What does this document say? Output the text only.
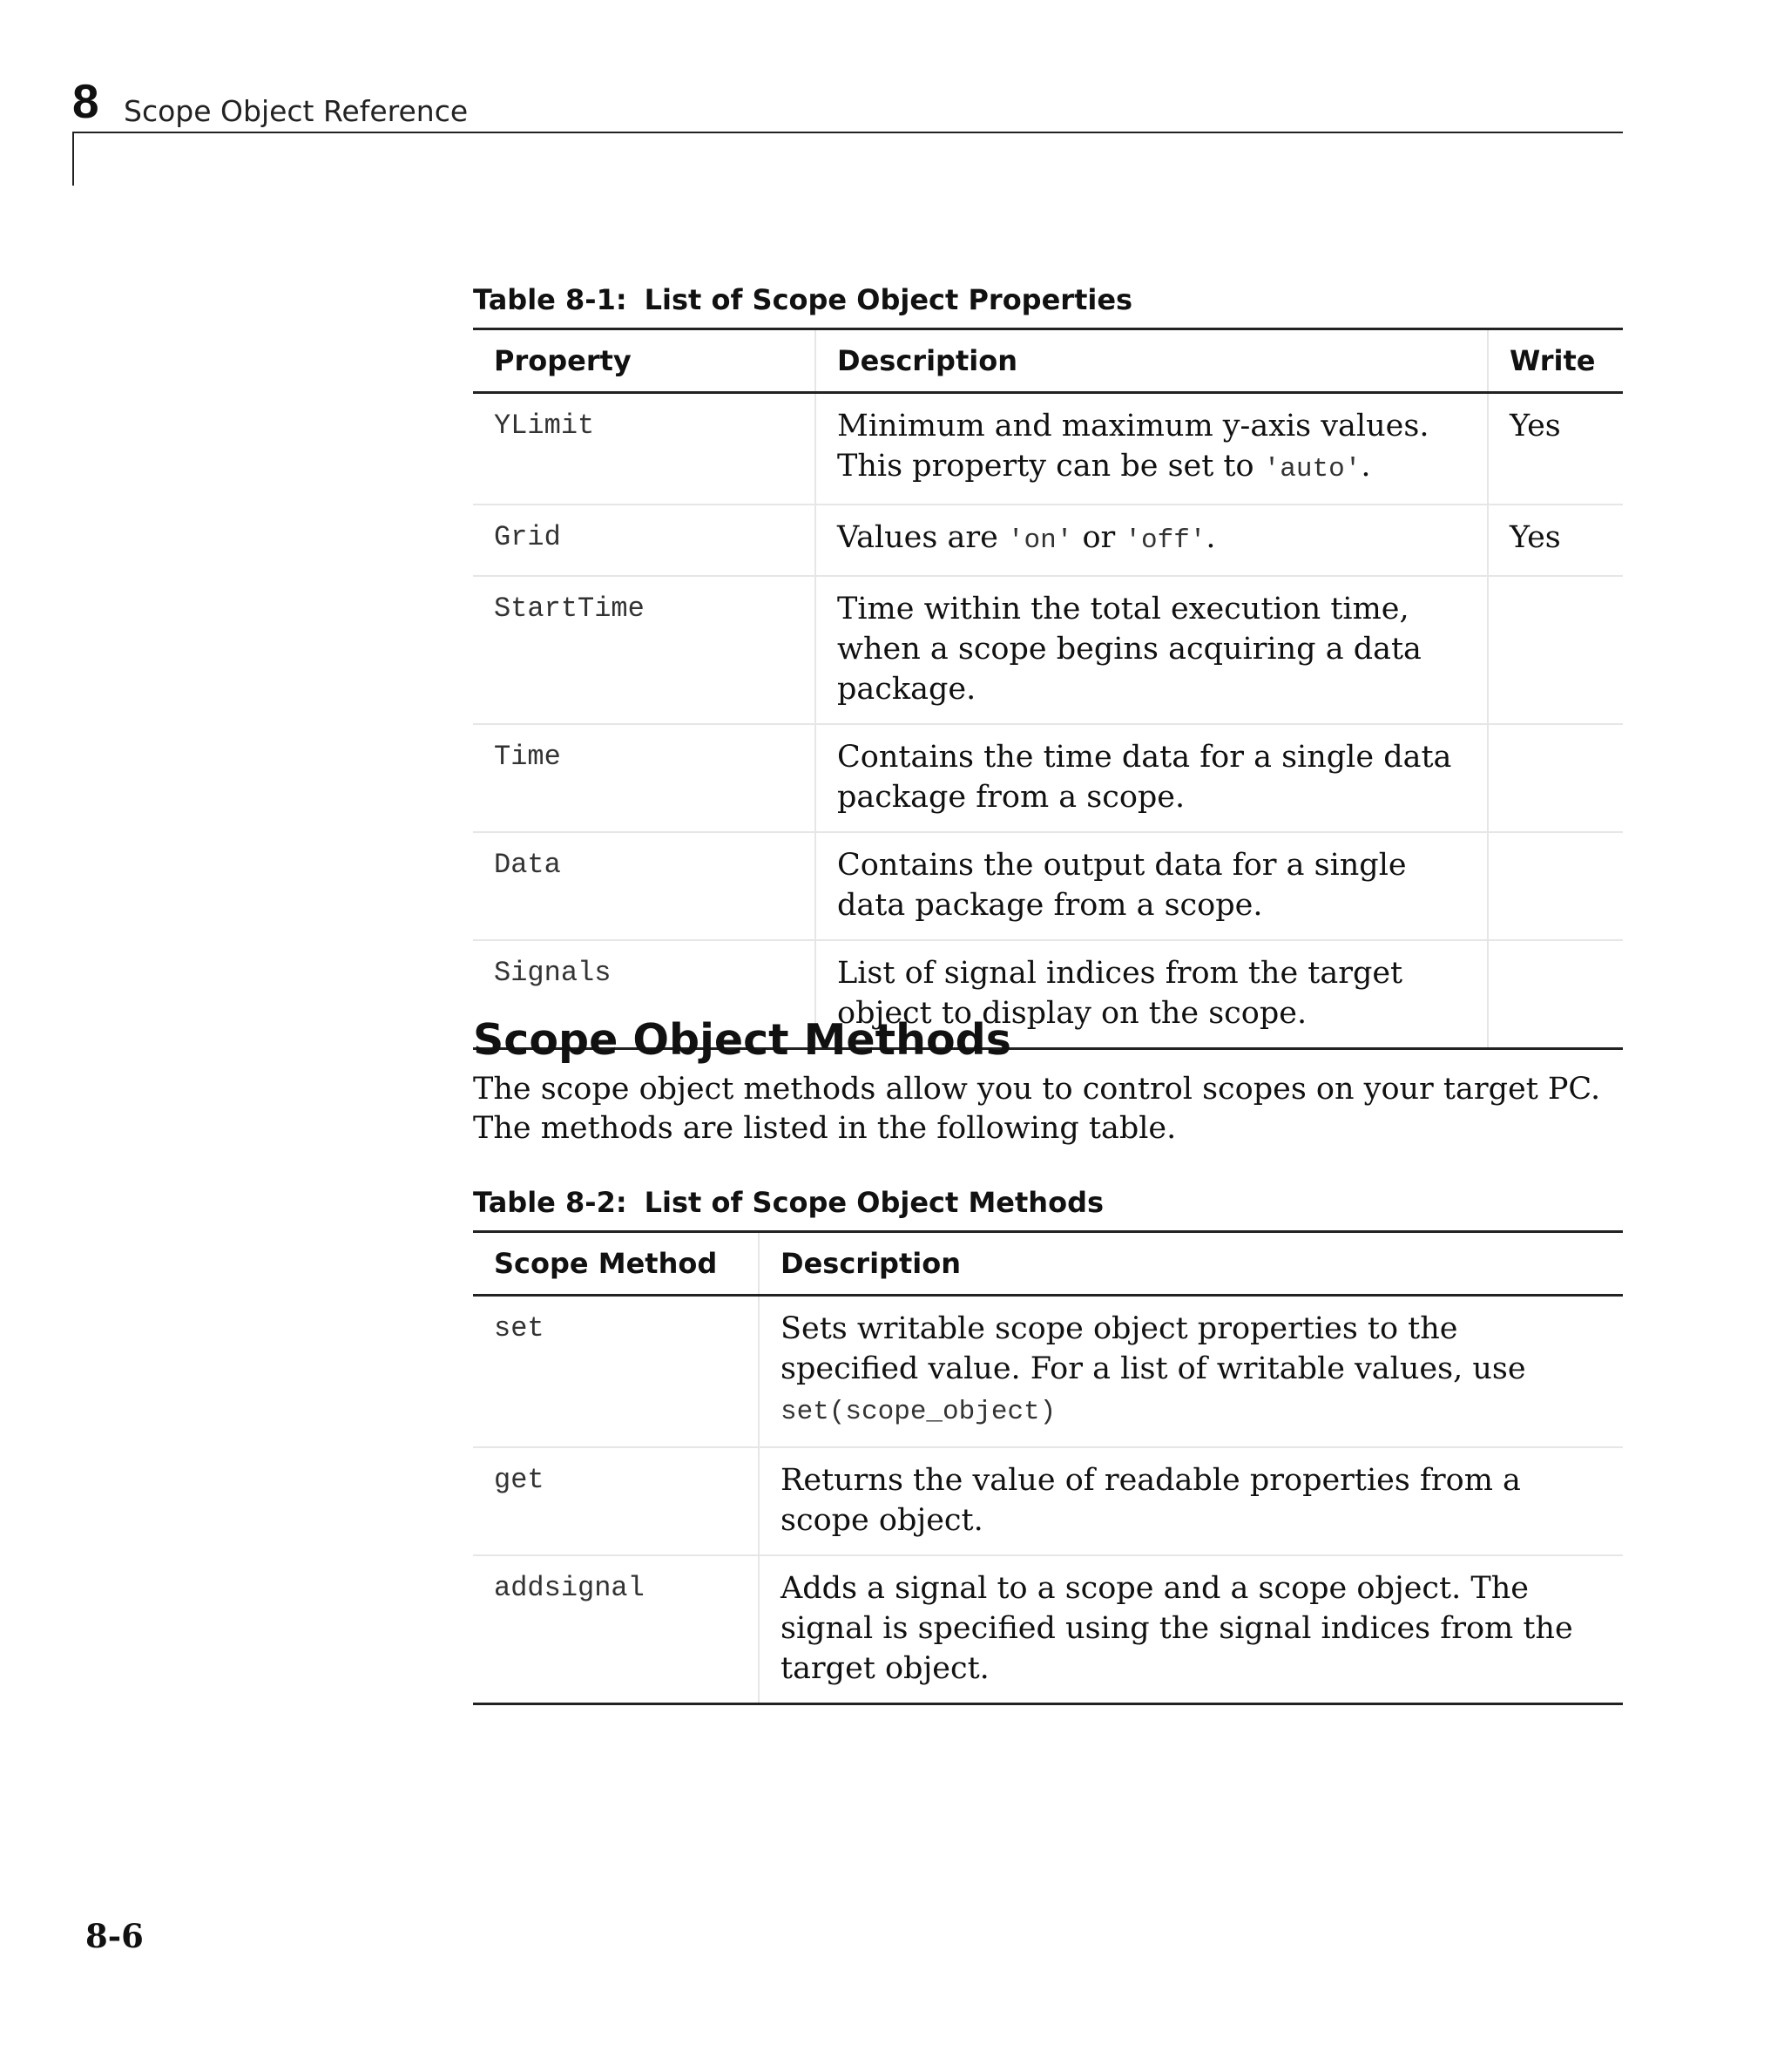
8 Scope Object Reference
Table 8-1: List of Scope Object Properties
Property	Description	Write
YLimit	Minimum and maximum y-axis values. This property can be set to 'auto'.	Yes
Grid	Values are 'on' or 'off'.	Yes
StartTime	Time within the total execution time, when a scope begins acquiring a data package.	
Time	Contains the time data for a single data package from a scope.	
Data	Contains the output data for a single data package from a scope.	
Signals	List of signal indices from the target object to display on the scope.	
Scope Object Methods
The scope object methods allow you to control scopes on your target PC. The methods are listed in the following table.
Table 8-2: List of Scope Object Methods
Scope Method	Description
set	Sets writable scope object properties to the specified value. For a list of writable values, use
set(scope_object)
get	Returns the value of readable properties from a scope object.
addsignal	Adds a signal to a scope and a scope object. The signal is specified using the signal indices from the target object.
8-6
